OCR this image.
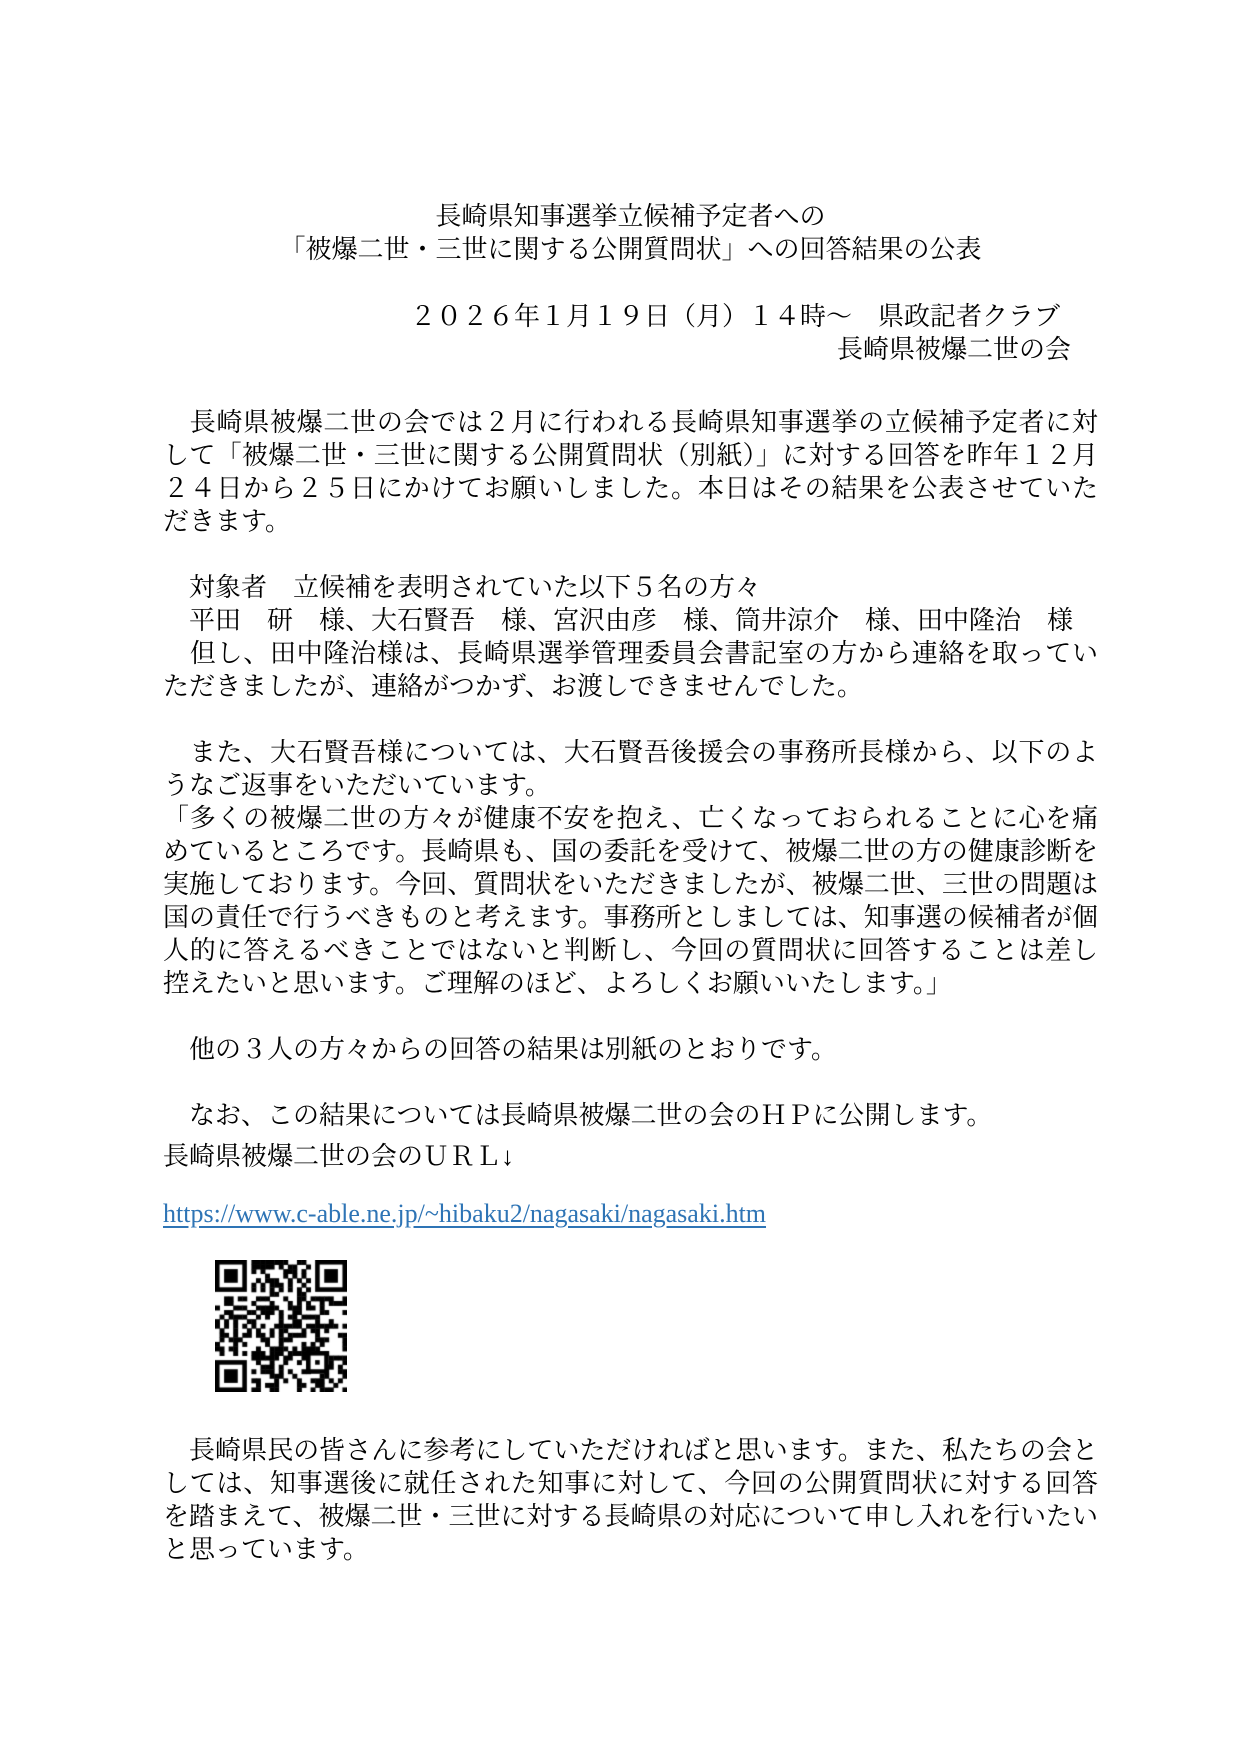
長崎県知事選挙立候補予定者への
「被爆二世・三世に関する公開質問状」への回答結果の公表
２０２６年１月１９日（月）１４時～　県政記者クラブ
長崎県被爆二世の会

　長崎県被爆二世の会では２月に行われる長崎県知事選挙の立候補予定者に対して「被爆二世・三世に関する公開質問状（別紙）」に対する回答を昨年１２月２４日から２５日にかけてお願いしました。本日はその結果を公表させていただきます。

　対象者　立候補を表明されていた以下５名の方々

　平田　研　様、大石賢吾　様、宮沢由彦　様、筒井涼介　様、田中隆治　様

　但し、田中隆治様は、長崎県選挙管理委員会書記室の方から連絡を取っていただきましたが、連絡がつかず、お渡しできませんでした。

　また、大石賢吾様については、大石賢吾後援会の事務所長様から、以下のようなご返事をいただいています。

「多くの被爆二世の方々が健康不安を抱え、亡くなっておられることに心を痛めているところです。長崎県も、国の委託を受けて、被爆二世の方の健康診断を実施しております。今回、質問状をいただきましたが、被爆二世、三世の問題は国の責任で行うべきものと考えます。事務所としましては、知事選の候補者が個人的に答えるべきことではないと判断し、今回の質問状に回答することは差し控えたいと思います。ご理解のほど、よろしくお願いいたします。」

　他の３人の方々からの回答の結果は別紙のとおりです。

　なお、この結果については長崎県被爆二世の会のＨＰに公開します。

長崎県被爆二世の会のＵＲＬ↓

https://www.c-able.ne.jp/~hibaku2/nagasaki/nagasaki.htm

　長崎県民の皆さんに参考にしていただければと思います。また、私たちの会としては、知事選後に就任された知事に対して、今回の公開質問状に対する回答を踏まえて、被爆二世・三世に対する長崎県の対応について申し入れを行いたいと思っています。
